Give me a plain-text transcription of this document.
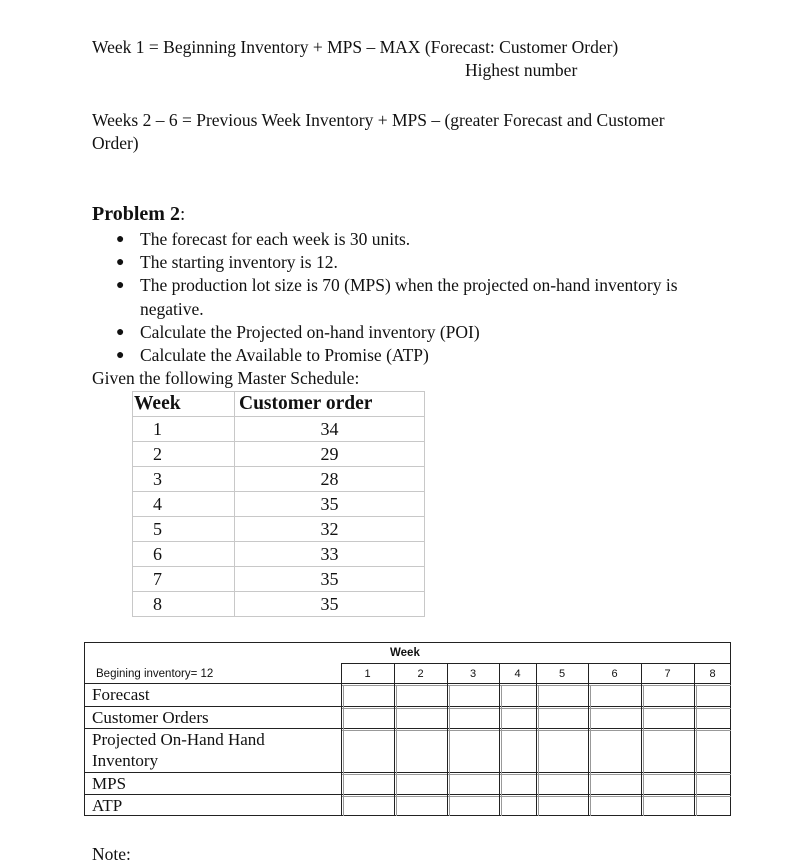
Week 1 = Beginning Inventory + MPS – MAX (Forecast: Customer Order)
Highest number
Weeks 2 – 6 = Previous Week Inventory + MPS – (greater Forecast and Customer
Order)
Problem 2:
● The forecast for each week is 30 units.
● The starting inventory is 12.
● The production lot size is 70 (MPS) when the projected on-hand inventory is
negative.
● Calculate the Projected on-hand inventory (POI)
● Calculate the Available to Promise (ATP)
Given the following Master Schedule:
Week	Customer order
1	34
2	29
3	28
4	35
5	32
6	33
7	35
8	35
Week
Begining inventory= 12	1	2	3	4	5	6	7	8
Forecast
Customer Orders
Projected On-Hand Hand
Inventory
MPS
ATP
Note:
